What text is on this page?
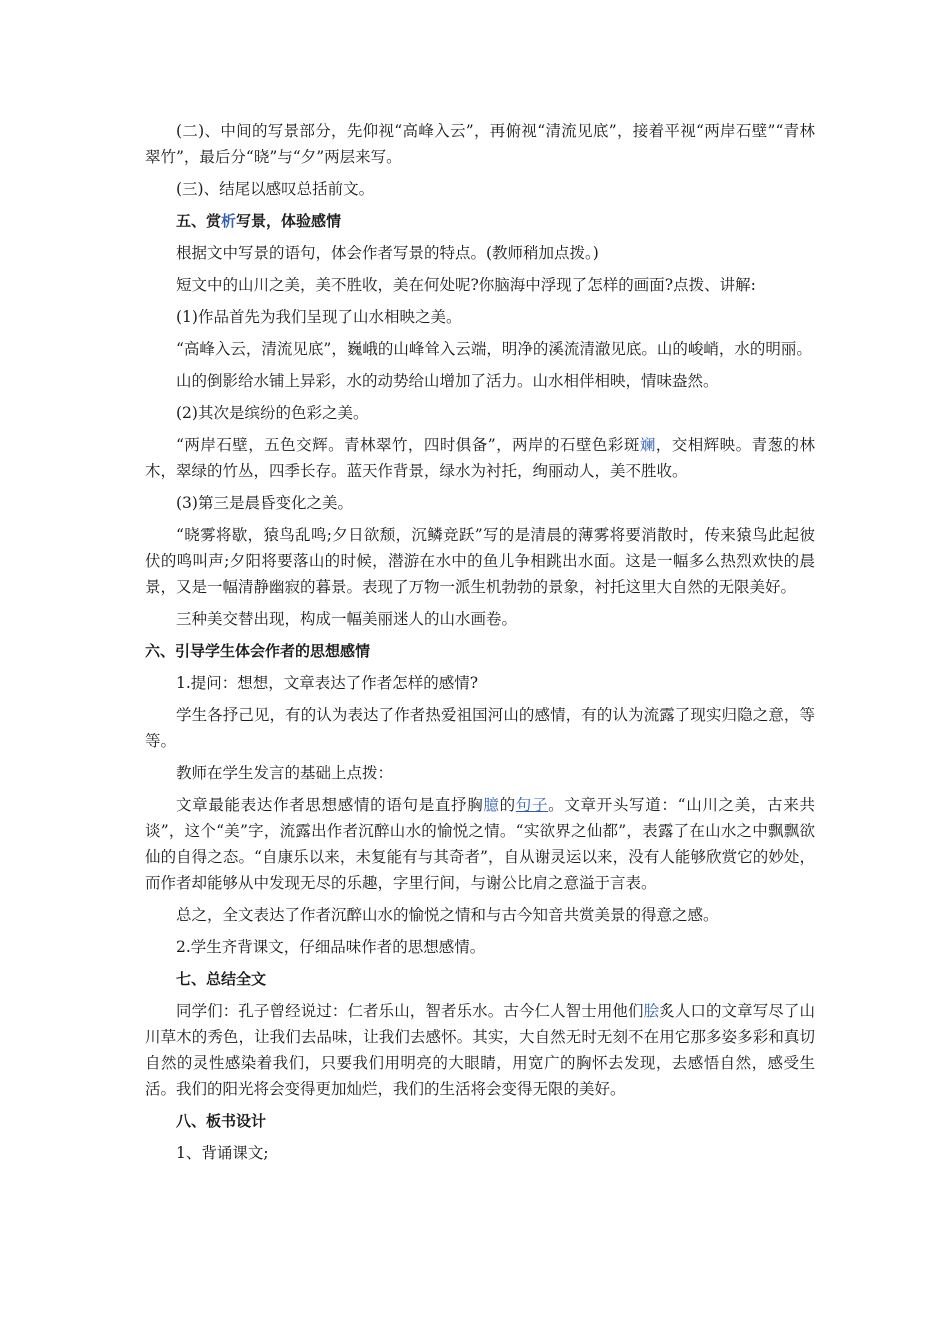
(二)、中间的写景部分，先仰视“高峰入云”，再俯视“清流见底”，接着平视“两岸石壁”“青林翠竹”，最后分“晓”与“夕”两层来写。

(三)、结尾以感叹总括前文。

五、赏析写景，体验感情

根据文中写景的语句，体会作者写景的特点。(教师稍加点拨。)

短文中的山川之美，美不胜收，美在何处呢?你脑海中浮现了怎样的画面?点拨、讲解:

(1)作品首先为我们呈现了山水相映之美。

“高峰入云，清流见底”，巍峨的山峰耸入云端，明净的溪流清澈见底。山的峻峭，水的明丽。

山的倒影给水铺上异彩，水的动势给山增加了活力。山水相伴相映，情味盎然。

(2)其次是缤纷的色彩之美。

“两岸石壁，五色交辉。青林翠竹，四时俱备”，两岸的石壁色彩斑斓，交相辉映。青葱的林木，翠绿的竹丛，四季长存。蓝天作背景，绿水为衬托，绚丽动人，美不胜收。

(3)第三是晨昏变化之美。

“晓雾将歇，猿鸟乱鸣;夕日欲颓，沉鳞竞跃”写的是清晨的薄雾将要消散时，传来猿鸟此起彼伏的鸣叫声;夕阳将要落山的时候，潜游在水中的鱼儿争相跳出水面。这是一幅多么热烈欢快的晨景，又是一幅清静幽寂的暮景。表现了万物一派生机勃勃的景象，衬托这里大自然的无限美好。

三种美交替出现，构成一幅美丽迷人的山水画卷。

六、引导学生体会作者的思想感情

1.提问：想想，文章表达了作者怎样的感情?

学生各抒己见，有的认为表达了作者热爱祖国河山的感情，有的认为流露了现实归隐之意，等等。

教师在学生发言的基础上点拨：

文章最能表达作者思想感情的语句是直抒胸臆的句子。文章开头写道：“山川之美，古来共谈”，这个“美”字，流露出作者沉醉山水的愉悦之情。“实欲界之仙都”，表露了在山水之中飘飘欲仙的自得之态。“自康乐以来，未复能有与其奇者”，自从谢灵运以来，没有人能够欣赏它的妙处，而作者却能够从中发现无尽的乐趣，字里行间，与谢公比肩之意溢于言表。

总之，全文表达了作者沉醉山水的愉悦之情和与古今知音共赏美景的得意之感。

2.学生齐背课文，仔细品味作者的思想感情。

七、总结全文

同学们：孔子曾经说过：仁者乐山，智者乐水。古今仁人智士用他们脍炙人口的文章写尽了山川草木的秀色，让我们去品味，让我们去感怀。其实，大自然无时无刻不在用它那多姿多彩和真切自然的灵性感染着我们，只要我们用明亮的大眼睛，用宽广的胸怀去发现，去感悟自然，感受生活。我们的阳光将会变得更加灿烂，我们的生活将会变得无限的美好。

八、板书设计

1、背诵课文;
